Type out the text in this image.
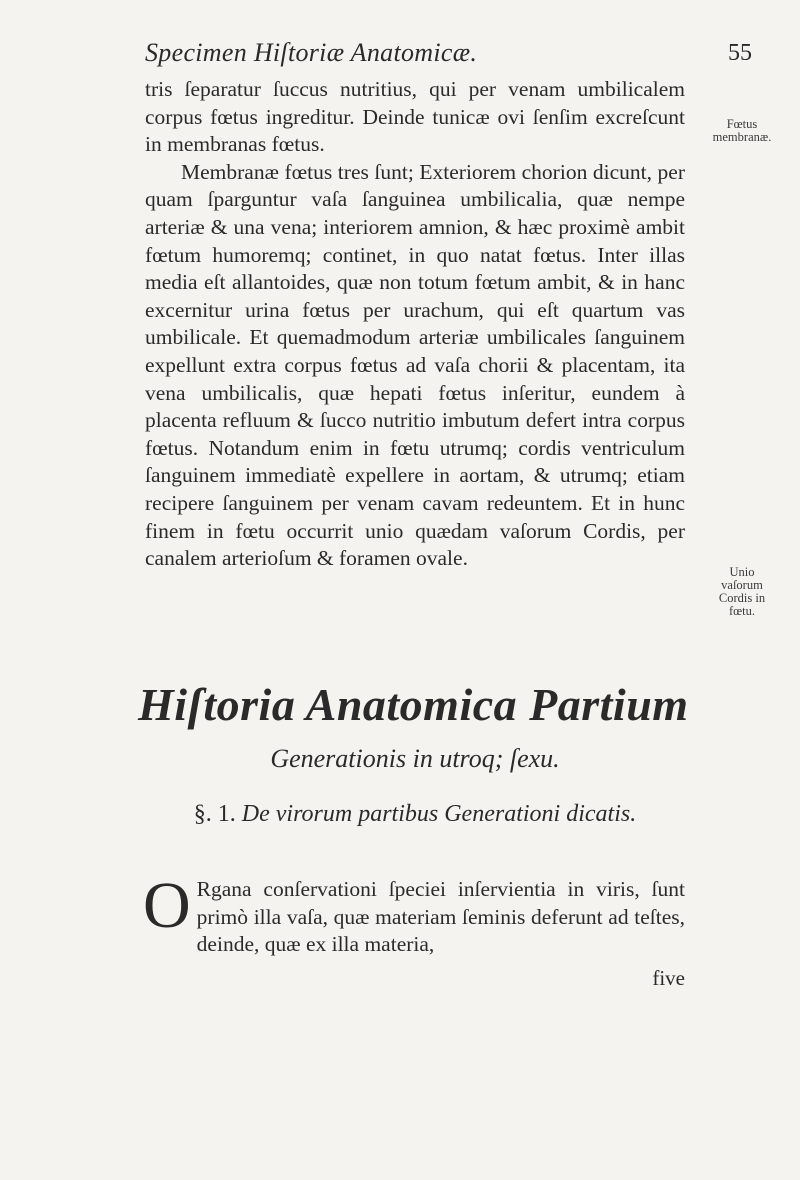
Specimen Hiſtoriæ Anatomicæ.	55

tris ſeparatur ſuccus nutritius, qui per venam umbilicalem corpus fœtus ingreditur. Deinde tunicæ ovi ſenſim excreſcunt in membranas fœtus.

Membranæ fœtus tres ſunt; Exteriorem chorion dicunt, per quam ſparguntur vaſa ſanguinea umbilicalia, quæ nempe arteriæ & una vena; interiorem amnion, & hæc proximè ambit fœtum humoremq; continet, in quo natat fœtus. Inter illas media eſt allantoides, quæ non totum fœtum ambit, & in hanc excernitur urina fœtus per urachum, qui eſt quartum vas umbilicale. Et quemadmodum arteriæ umbilicales ſanguinem expellunt extra corpus fœtus ad vaſa chorii & placentam, ita vena umbilicalis, quæ hepati fœtus inſeritur, eundem à placenta refluum & ſucco nutritio imbutum defert intra corpus fœtus. Notandum enim in fœtu utrumq; cordis ventriculum ſanguinem immediatè expellere in aortam, & utrumq; etiam recipere ſanguinem per venam cavam redeuntem. Et in hunc finem in fœtu occurrit unio quædam vaſorum Cordis, per canalem arterioſum & foramen ovale.

Fœtus membranæ.
Unio vaſorum Cordis in fœtu.
Hiſtoria Anatomica Partium
Generationis in utroq; ſexu.
§. 1. De virorum partibus Generationi dicatis.
O Rgana conſervationi ſpeciei inſervientia in viris, ſunt primò illa vaſa, quæ materiam ſeminis deferunt ad teſtes, deinde, quæ ex illa materia,
five
